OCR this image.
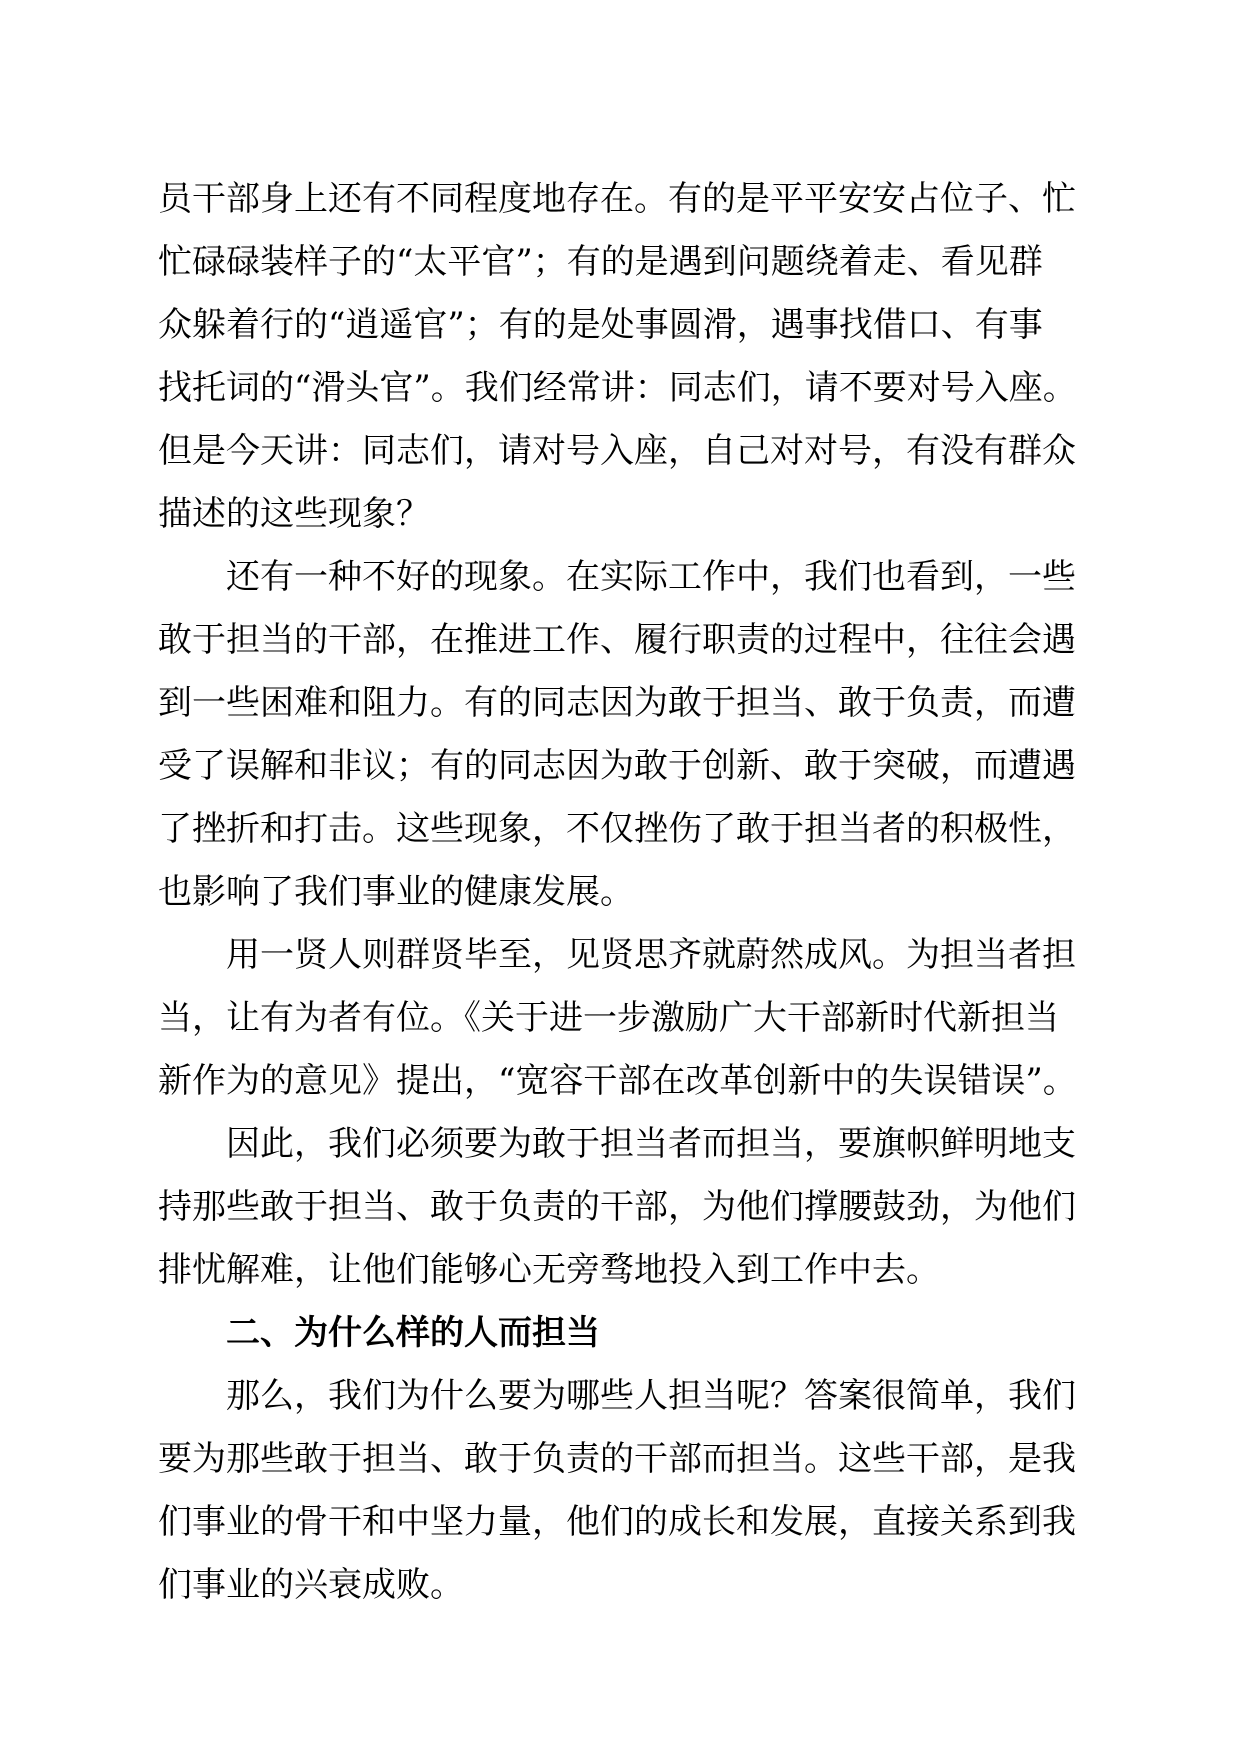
员干部身上还有不同程度地存在。有的是平平安安占位子、忙

忙碌碌装样子的“太平官”；有的是遇到问题绕着走、看见群

众躲着行的“逍遥官”；有的是处事圆滑，遇事找借口、有事

找托词的“滑头官”。我们经常讲：同志们，请不要对号入座。

但是今天讲：同志们，请对号入座，自己对对号，有没有群众

描述的这些现象？

还有一种不好的现象。在实际工作中，我们也看到，一些

敢于担当的干部，在推进工作、履行职责的过程中，往往会遇

到一些困难和阻力。有的同志因为敢于担当、敢于负责，而遭

受了误解和非议；有的同志因为敢于创新、敢于突破，而遭遇

了挫折和打击。这些现象，不仅挫伤了敢于担当者的积极性，

也影响了我们事业的健康发展。

用一贤人则群贤毕至，见贤思齐就蔚然成风。为担当者担

当，让有为者有位。《关于进一步激励广大干部新时代新担当

新作为的意见》提出，“宽容干部在改革创新中的失误错误”。

因此，我们必须要为敢于担当者而担当，要旗帜鲜明地支

持那些敢于担当、敢于负责的干部，为他们撑腰鼓劲，为他们

排忧解难，让他们能够心无旁骛地投入到工作中去。

二、为什么样的人而担当

那么，我们为什么要为哪些人担当呢？答案很简单，我们

要为那些敢于担当、敢于负责的干部而担当。这些干部，是我

们事业的骨干和中坚力量，他们的成长和发展，直接关系到我

们事业的兴衰成败。
